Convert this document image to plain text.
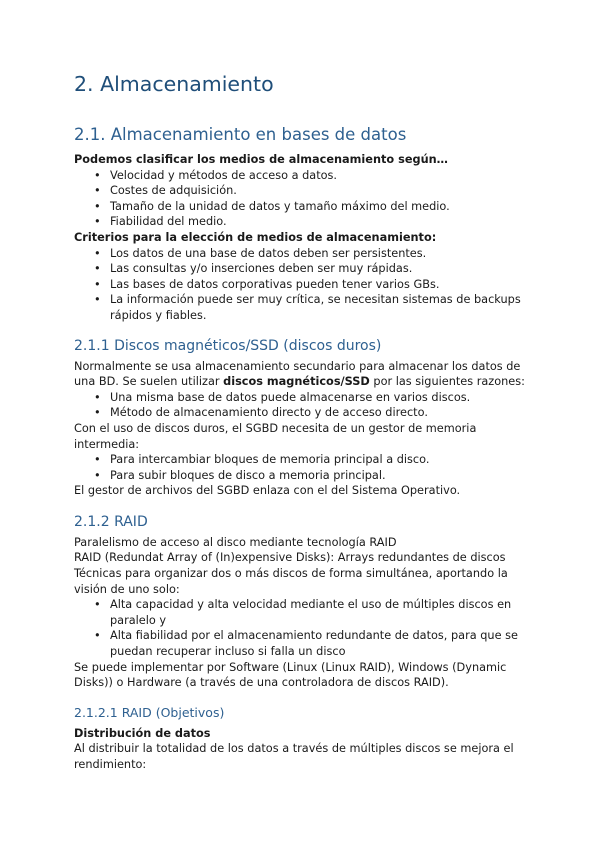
2. Almacenamiento
2.1. Almacenamiento en bases de datos

Podemos clasificar los medios de almacenamiento según…

• Velocidad y métodos de acceso a datos.
• Costes de adquisición.
• Tamaño de la unidad de datos y tamaño máximo del medio.
• Fiabilidad del medio.

Criterios para la elección de medios de almacenamiento:

• Los datos de una base de datos deben ser persistentes.
• Las consultas y/o inserciones deben ser muy rápidas.
• Las bases de datos corporativas pueden tener varios GBs.
• La información puede ser muy crítica, se necesitan sistemas de backups rápidos y fiables.
2.1.1 Discos magnéticos/SSD (discos duros)

Normalmente se usa almacenamiento secundario para almacenar los datos de una BD. Se suelen utilizar discos magnéticos/SSD por las siguientes razones:

• Una misma base de datos puede almacenarse en varios discos.
• Método de almacenamiento directo y de acceso directo.

Con el uso de discos duros, el SGBD necesita de un gestor de memoria intermedia:

• Para intercambiar bloques de memoria principal a disco.
• Para subir bloques de disco a memoria principal.

El gestor de archivos del SGBD enlaza con el del Sistema Operativo.

2.1.2 RAID

Paralelismo de acceso al disco mediante tecnología RAID

RAID (Redundat Array of (In)expensive Disks): Arrays redundantes de discos

Técnicas para organizar dos o más discos de forma simultánea, aportando la visión de uno solo:

• Alta capacidad y alta velocidad mediante el uso de múltiples discos en paralelo y
• Alta fiabilidad por el almacenamiento redundante de datos, para que se puedan recuperar incluso si falla un disco

Se puede implementar por Software (Linux (Linux RAID), Windows (Dynamic Disks)) o Hardware (a través de una controladora de discos RAID).

2.1.2.1 RAID (Objetivos)

Distribución de datos

Al distribuir la totalidad de los datos a través de múltiples discos se mejora el rendimiento:
